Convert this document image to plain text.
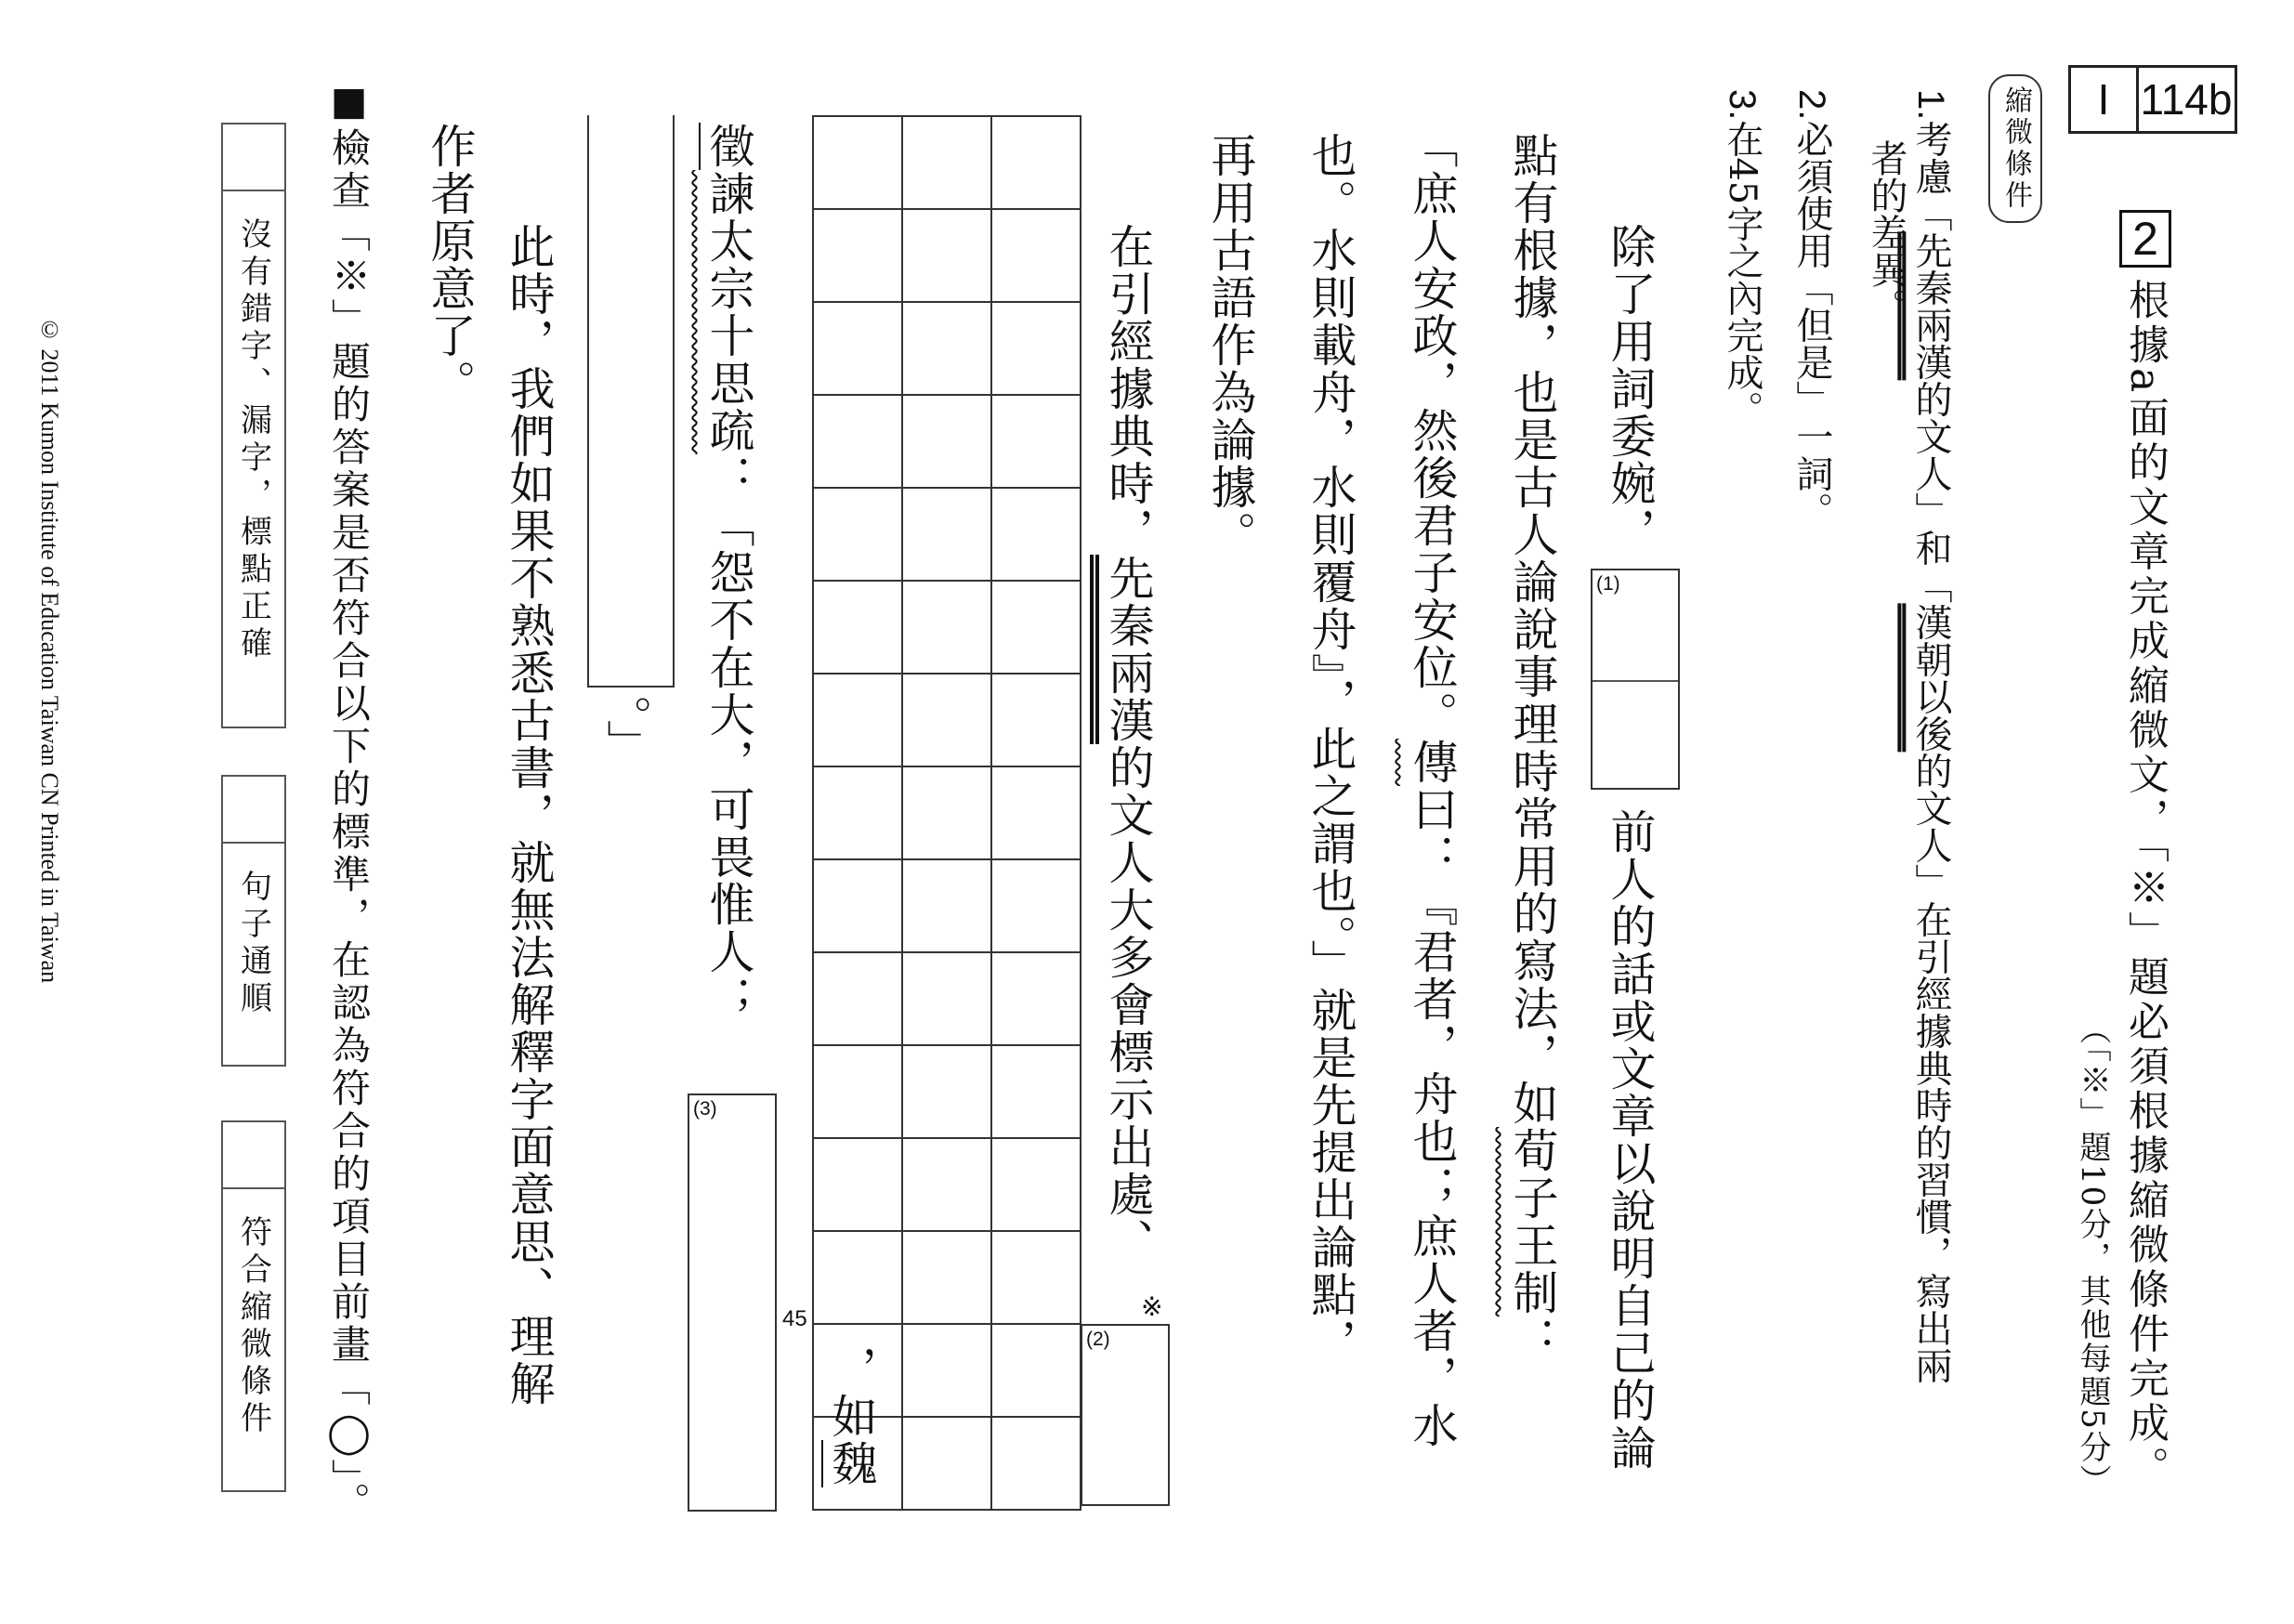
I 114b
2
根據a面的文章完成縮微文，「※」題必須根據縮微條件完成。
（「※」題10分，其他每題5分）
縮微條件
1.考慮「先秦兩漢的文人」和「漢朝以後的文人」在引經據典時的習慣，寫出兩
者的差異。
2.必須使用「但是」一詞。
3.在45字之內完成。
除了用詞委婉，
(1)
前人的話或文章以說明自己的論
點有根據，也是古人論說事理時常用的寫法，如荀子王制：
「庶人安政，然後君子安位。傳曰：『君者，舟也；庶人者，水
也。水則載舟，水則覆舟』，此之謂也。」就是先提出論點，
再用古語作為論據。
在引經據典時，先秦兩漢的文人大多會標示出處、
※
(2)
45
，如魏
徵諫太宗十思疏：「怨不在大，可畏惟人；
(3)
。」
此時，我們如果不熟悉古書，就無法解釋字面意思、理解
作者原意了。
■檢查「※」題的答案是否符合以下的標準，在認為符合的項目前畫「◯」。
沒有錯字、漏字，標點正確
句子通順
符合縮微條件
© 2011 Kumon Institute of Education Taiwan CN Printed in Taiwan
